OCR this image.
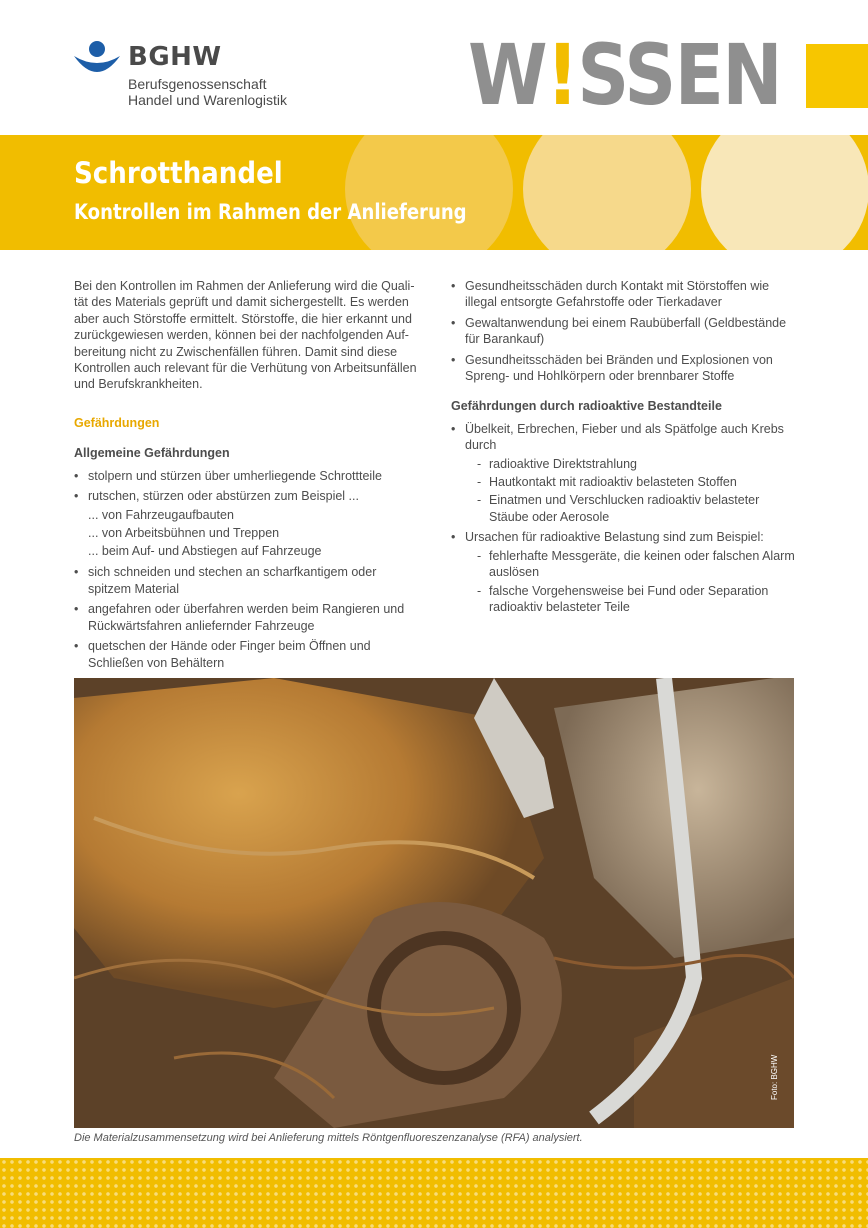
BGHW
Berufsgenossenschaft
Handel und Warenlogistik W!SSEN
Schrotthandel
Kontrollen im Rahmen der Anlieferung

Bei den Kontrollen im Rahmen der Anlieferung wird die Qualität des Materials geprüft und damit sichergestellt. Es werden aber auch Störstoffe ermittelt. Störstoffe, die hier erkannt und zurückgewiesen werden, können bei der nachfolgenden Aufbereitung nicht zu Zwischenfällen führen. Damit sind diese Kontrollen auch relevant für die Verhütung von Arbeitsunfällen und Berufskrankheiten.

Gefährdungen
Allgemeine Gefährdungen
• stolpern und stürzen über umherliegende Schrottteile
• rutschen, stürzen oder abstürzen zum Beispiel ...
... von Fahrzeugaufbauten
... von Arbeitsbühnen und Treppen
... beim Auf- und Abstiegen auf Fahrzeuge
• sich schneiden und stechen an scharfkantigem oder spitzem Material
• angefahren oder überfahren werden beim Rangieren und Rückwärtsfahren anliefernder Fahrzeuge
• quetschen der Hände oder Finger beim Öffnen und Schließen von Behältern
• Gesundheitsschäden durch Kontakt mit Störstoffen wie illegal entsorgte Gefahrstoffe oder Tierkadaver
• Gewaltanwendung bei einem Raubüberfall (Geldbestände für Barankauf)
• Gesundheitsschäden bei Bränden und Explosionen von Spreng- und Hohlkörpern oder brennbarer Stoffe
Gefährdungen durch radioaktive Bestandteile
• Übelkeit, Erbrechen, Fieber und als Spätfolge auch Krebs durch
- radioaktive Direktstrahlung
- Hautkontakt mit radioaktiv belasteten Stoffen
- Einatmen und Verschlucken radioaktiv belasteter Stäube oder Aerosole
• Ursachen für radioaktive Belastung sind zum Beispiel:
- fehlerhafte Messgeräte, die keinen oder falschen Alarm auslösen
- falsche Vorgehensweise bei Fund oder Separation radioaktiv belasteter Teile
Foto: BGHW
Die Materialzusammensetzung wird bei Anlieferung mittels Röntgenfluoreszenzanalyse (RFA) analysiert.
